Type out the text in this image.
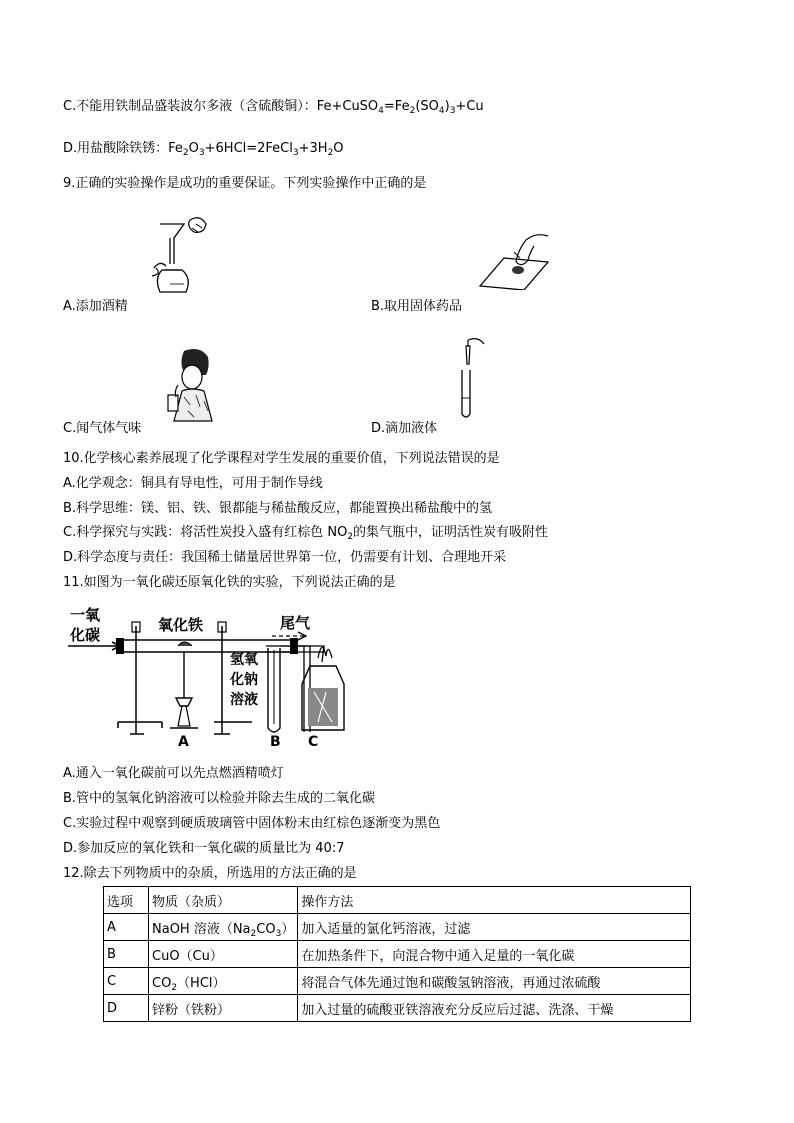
C.不能用铁制品盛装波尔多液（含硫酸铜）：$Fe+CuSO_4=Fe_2(SO_4)_3+Cu$
D.用盐酸除铁锈：$Fe_2O_3+6HCl=2FeCl_3+3H_2O$
9.正确的实验操作是成功的重要保证。下列实验操作中正确的是
A.添加酒精	B.取用固体药品
C.闻气体气味	D.滴加液体
10.化学核心素养展现了化学课程对学生发展的重要价值，下列说法错误的是
A.化学观念：铜具有导电性，可用于制作导线
B.科学思维：镁、铝、铁、银都能与稀盐酸反应，都能置换出稀盐酸中的氢
C.科学探究与实践：将活性炭投入盛有红棕色 $NO_2$的集气瓶中，证明活性炭有吸附性
D.科学态度与责任：我国稀土储量居世界第一位，仍需要有计划、合理地开采
11.如图为一氧化碳还原氧化铁的实验，下列说法正确的是
一氧
化碳
氧化铁
A
氢氧
化钠
溶液
B
尾气
C
A.通入一氧化碳前可以先点燃酒精喷灯
B.管中的氢氧化钠溶液可以检验并除去生成的二氧化碳
C.实验过程中观察到硬质玻璃管中固体粉末由红棕色逐渐变为黑色
D.参加反应的氧化铁和一氧化碳的质量比为 40:7
12.除去下列物质中的杂质，所选用的方法正确的是
选项	物质（杂质）	操作方法
A	NaOH 溶液$(Na_2CO_3)$	加入适量的氯化钙溶液，过滤
B	CuO（Cu）	在加热条件下，向混合物中通入足量的一氧化碳
C	$CO_2(HCl)$	将混合气体先通过饱和碳酸氢钠溶液，再通过浓硫酸
D	锌粉（铁粉）	加入过量的硫酸亚铁溶液充分反应后过滤、洗涤、干燥
